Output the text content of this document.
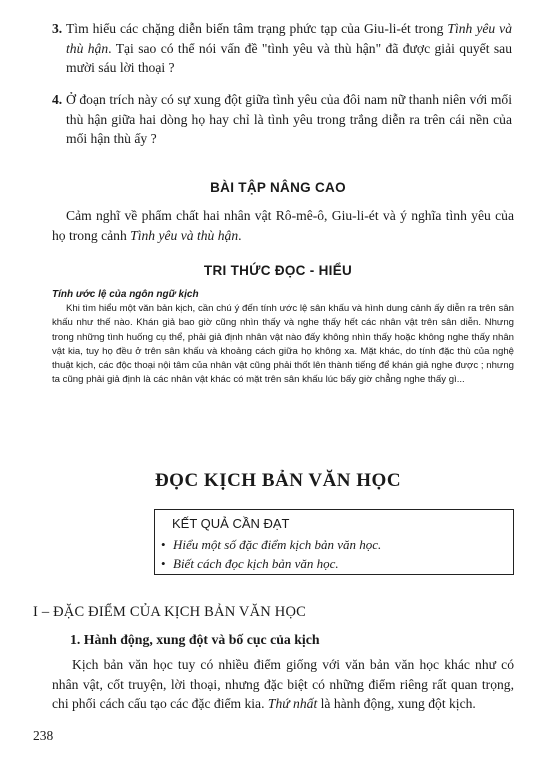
3. Tìm hiểu các chặng diễn biến tâm trạng phức tạp của Giu-li-ét trong Tình yêu và thù hận. Tại sao có thể nói vấn đề "tình yêu và thù hận" đã được giải quyết sau mười sáu lời thoại ?
4. Ở đoạn trích này có sự xung đột giữa tình yêu của đôi nam nữ thanh niên với mối thù hận giữa hai dòng họ hay chỉ là tình yêu trong trắng diễn ra trên cái nền của mối hận thù ấy ?
BÀI TẬP NÂNG CAO
Cảm nghĩ về phẩm chất hai nhân vật Rô-mê-ô, Giu-li-ét và ý nghĩa tình yêu của họ trong cảnh Tình yêu và thù hận.
TRI THỨC ĐỌC - HIỂU
Tính ước lệ của ngôn ngữ kịch
Khi tìm hiểu một văn bản kịch, cần chú ý đến tính ước lệ sân khấu và hình dung cảnh ấy diễn ra trên sân khấu như thế nào. Khán giả bao giờ cũng nhìn thấy và nghe thấy hết các nhân vật trên sân diễn. Nhưng trong những tình huống cụ thể, phải giả định nhân vật nào đấy không nhìn thấy hoặc không nghe thấy nhân vật kia, tuy họ đều ở trên sân khấu và khoảng cách giữa họ không xa. Mặt khác, do tính đặc thù của nghệ thuật kịch, các độc thoại nội tâm của nhân vật cũng phải thốt lên thành tiếng để khán giả nghe được ; nhưng ta cũng phải giả định là các nhân vật khác có mặt trên sân khấu lúc bấy giờ chẳng nghe thấy gì...
ĐỌC KỊCH BẢN VĂN HỌC
KẾT QUẢ CẦN ĐẠT
• Hiểu một số đặc điểm kịch bản văn học.
• Biết cách đọc kịch bản văn học.
I – ĐẶC ĐIỂM CỦA KỊCH BẢN VĂN HỌC
1. Hành động, xung đột và bố cục của kịch
Kịch bản văn học tuy có nhiều điểm giống với văn bản văn học khác như có nhân vật, cốt truyện, lời thoại, nhưng đặc biệt có những điểm riêng rất quan trọng, chi phối cách cấu tạo các đặc điểm kia. Thứ nhất là hành động, xung đột kịch.
238
